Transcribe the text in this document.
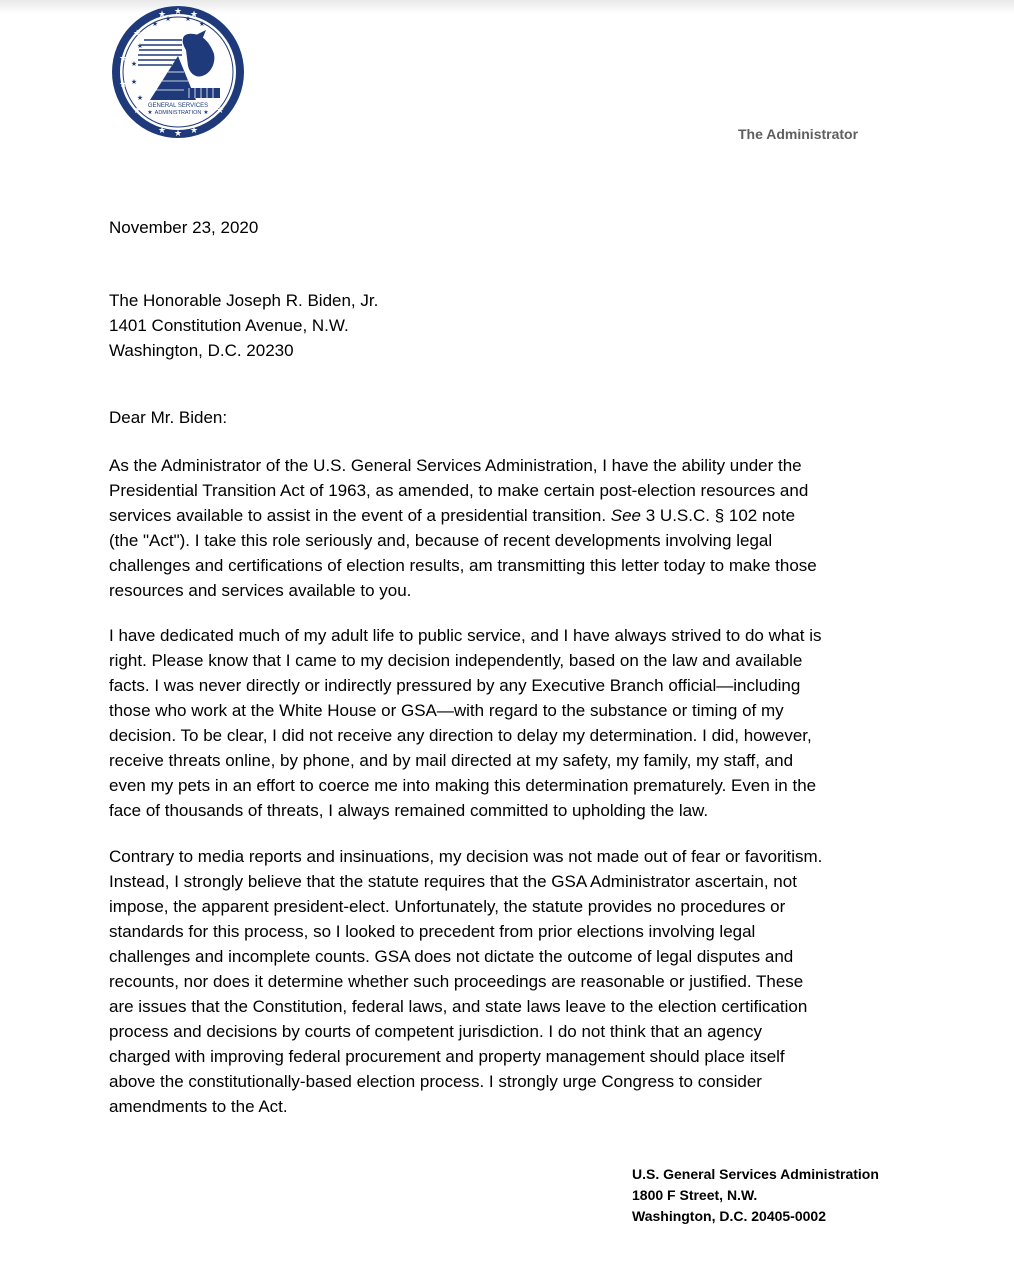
★ ★ ★
★
★
★
★
★ ★ ★
★
★
★ ★
★
★
★
★
★
GENERAL SERVICES
ADMINISTRATION
★	★
The Administrator
November 23, 2020
The Honorable Joseph R. Biden, Jr.
1401 Constitution Avenue, N.W.
Washington, D.C. 20230
Dear Mr. Biden:
As the Administrator of the U.S. General Services Administration, I have the ability under the
Presidential Transition Act of 1963, as amended, to make certain post-election resources and
services available to assist in the event of a presidential transition. See 3 U.S.C. § 102 note
(the "Act"). I take this role seriously and, because of recent developments involving legal
challenges and certifications of election results, am transmitting this letter today to make those
resources and services available to you.
I have dedicated much of my adult life to public service, and I have always strived to do what is
right. Please know that I came to my decision independently, based on the law and available
facts. I was never directly or indirectly pressured by any Executive Branch official—including
those who work at the White House or GSA—with regard to the substance or timing of my
decision. To be clear, I did not receive any direction to delay my determination. I did, however,
receive threats online, by phone, and by mail directed at my safety, my family, my staff, and
even my pets in an effort to coerce me into making this determination prematurely. Even in the
face of thousands of threats, I always remained committed to upholding the law.
Contrary to media reports and insinuations, my decision was not made out of fear or favoritism.
Instead, I strongly believe that the statute requires that the GSA Administrator ascertain, not
impose, the apparent president-elect. Unfortunately, the statute provides no procedures or
standards for this process, so I looked to precedent from prior elections involving legal
challenges and incomplete counts. GSA does not dictate the outcome of legal disputes and
recounts, nor does it determine whether such proceedings are reasonable or justified. These
are issues that the Constitution, federal laws, and state laws leave to the election certification
process and decisions by courts of competent jurisdiction. I do not think that an agency
charged with improving federal procurement and property management should place itself
above the constitutionally-based election process. I strongly urge Congress to consider
amendments to the Act.
U.S. General Services Administration
1800 F Street, N.W.
Washington, D.C. 20405-0002
